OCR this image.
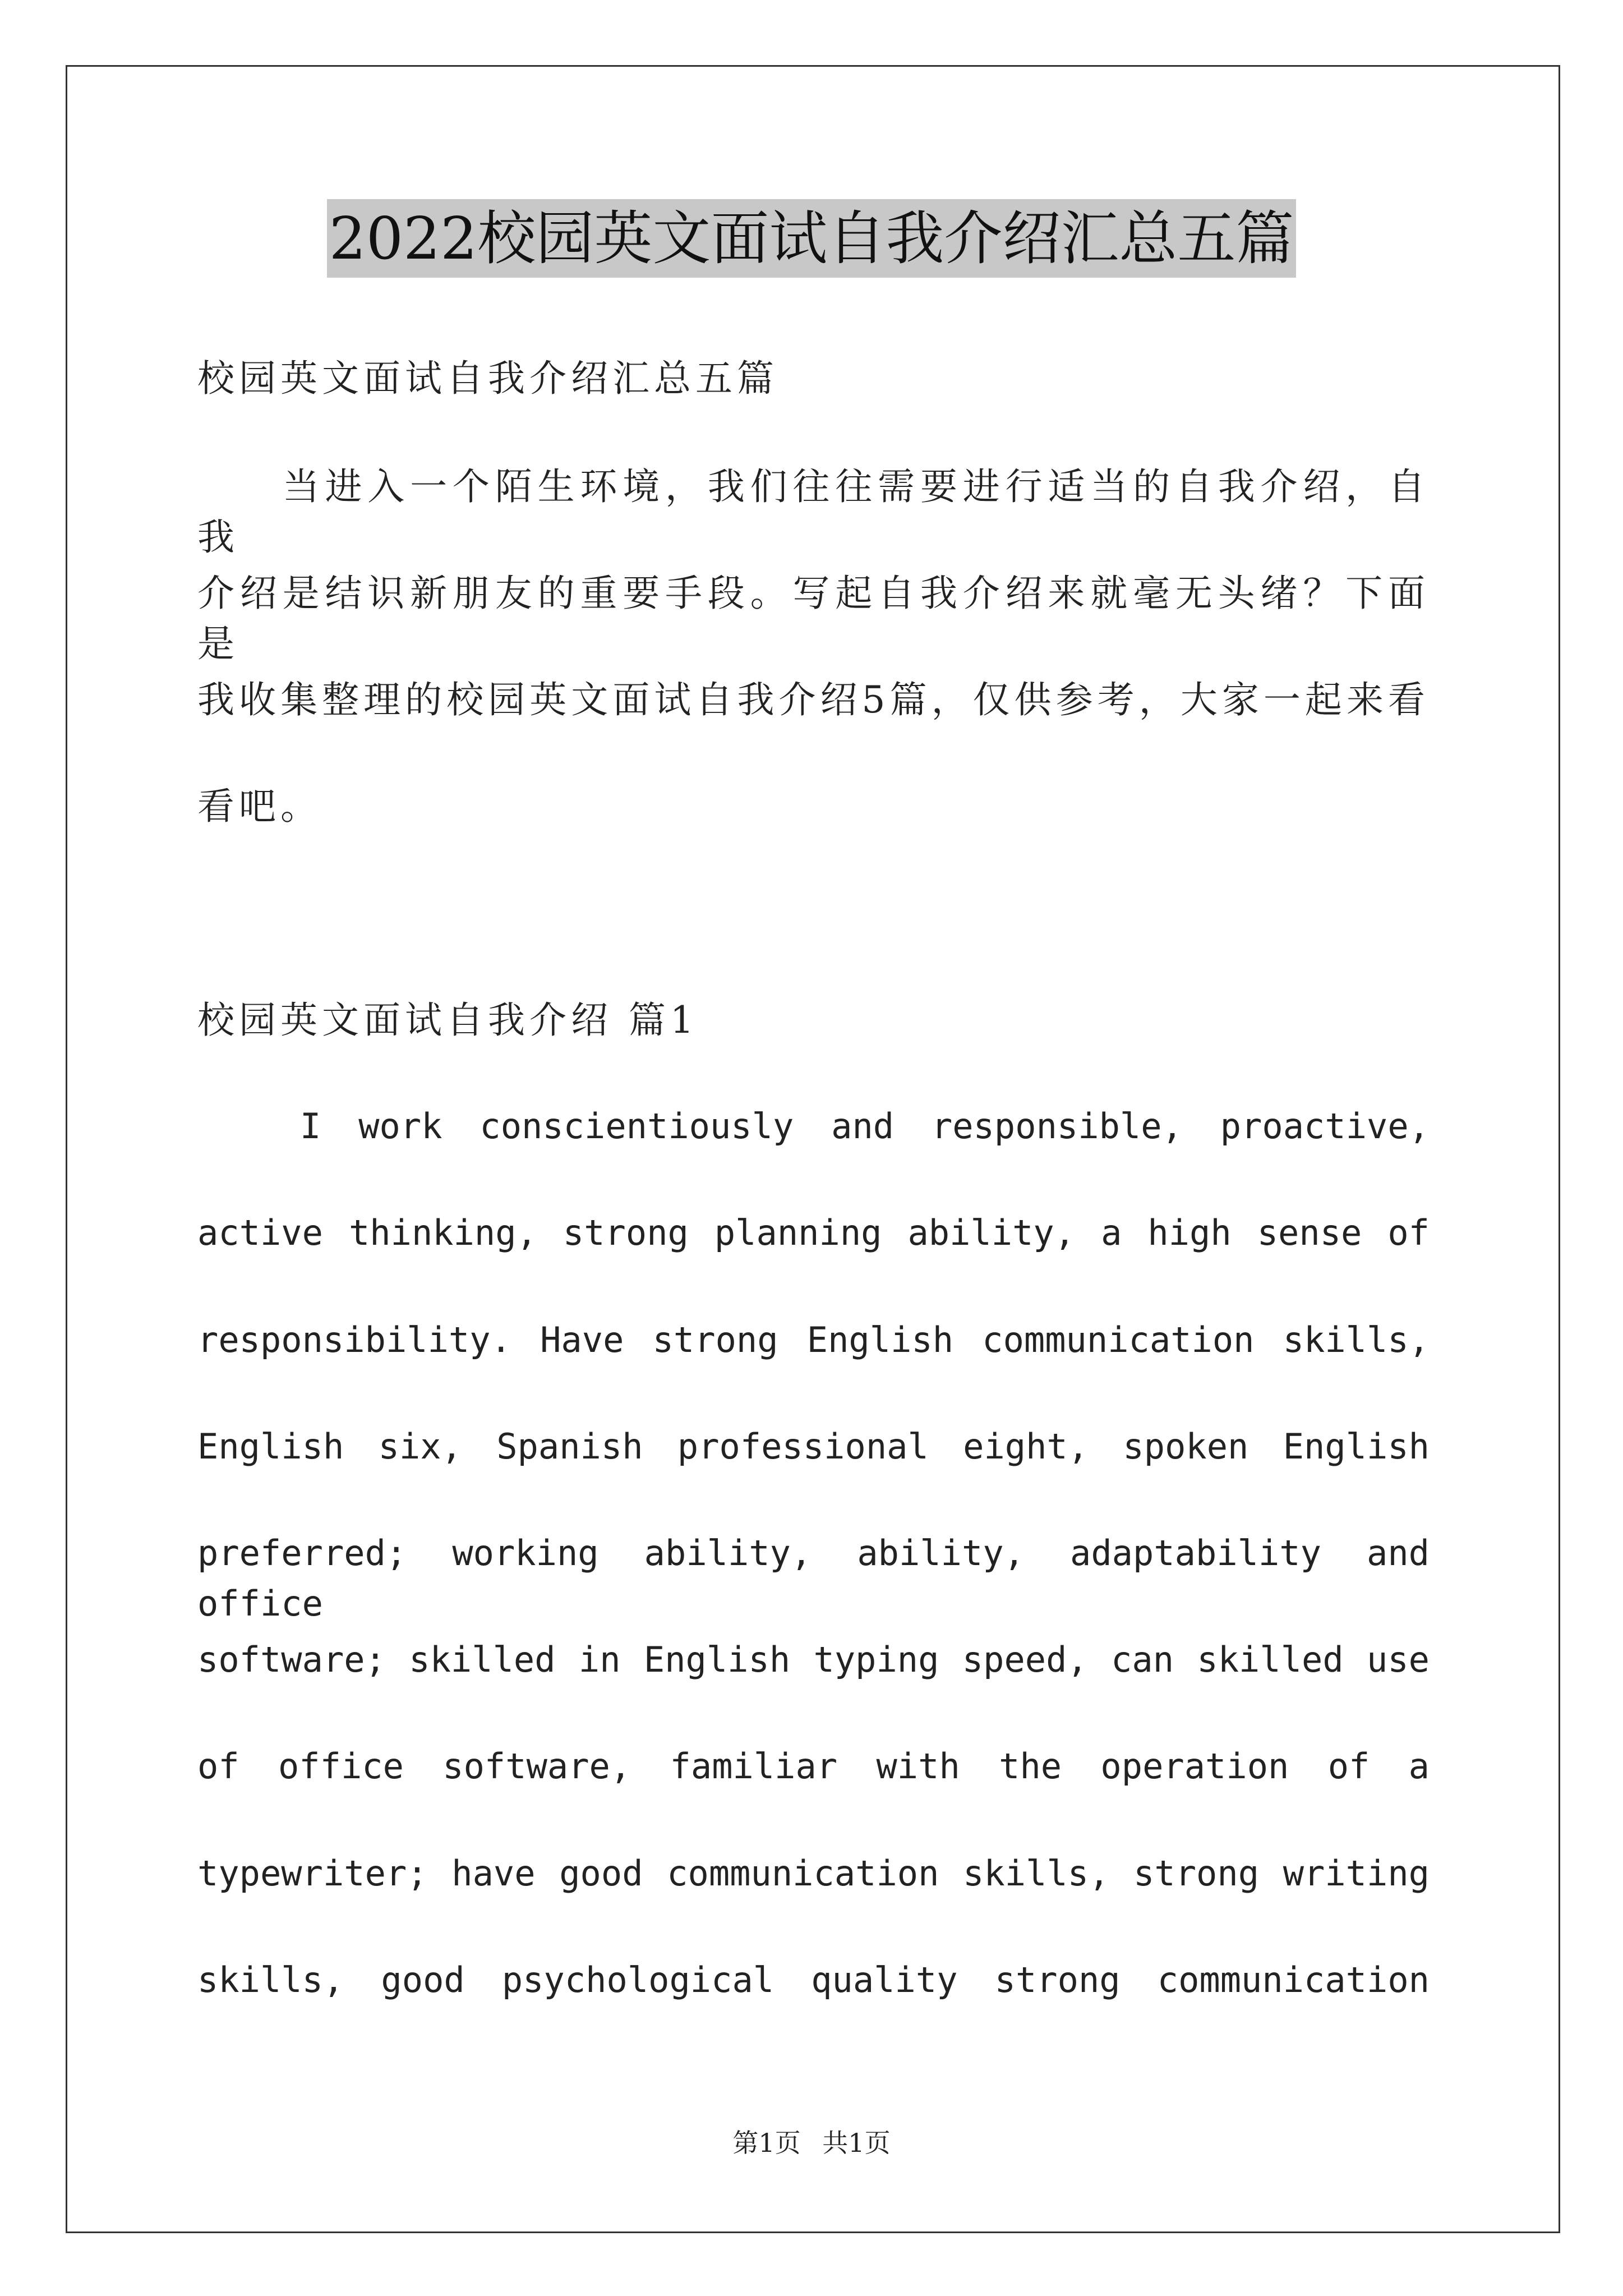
2022校园英文面试自我介绍汇总五篇
校园英文面试自我介绍汇总五篇
　　当进入一个陌生环境，我们往往需要进行适当的自我介绍，自我
介绍是结识新朋友的重要手段。写起自我介绍来就毫无头绪？下面是
我收集整理的校园英文面试自我介绍5篇，仅供参考，大家一起来看
看吧。
校园英文面试自我介绍 篇1
　　I work conscientiously and responsible, proactive,
active thinking, strong planning ability, a high sense of
responsibility. Have strong English communication skills,
English six, Spanish professional eight, spoken English
preferred; working ability, ability, adaptability and office
software; skilled in English typing speed, can skilled use
of office software, familiar with the operation of a
typewriter; have good communication skills, strong writing
skills, good psychological quality strong communication
第1页 共1页
